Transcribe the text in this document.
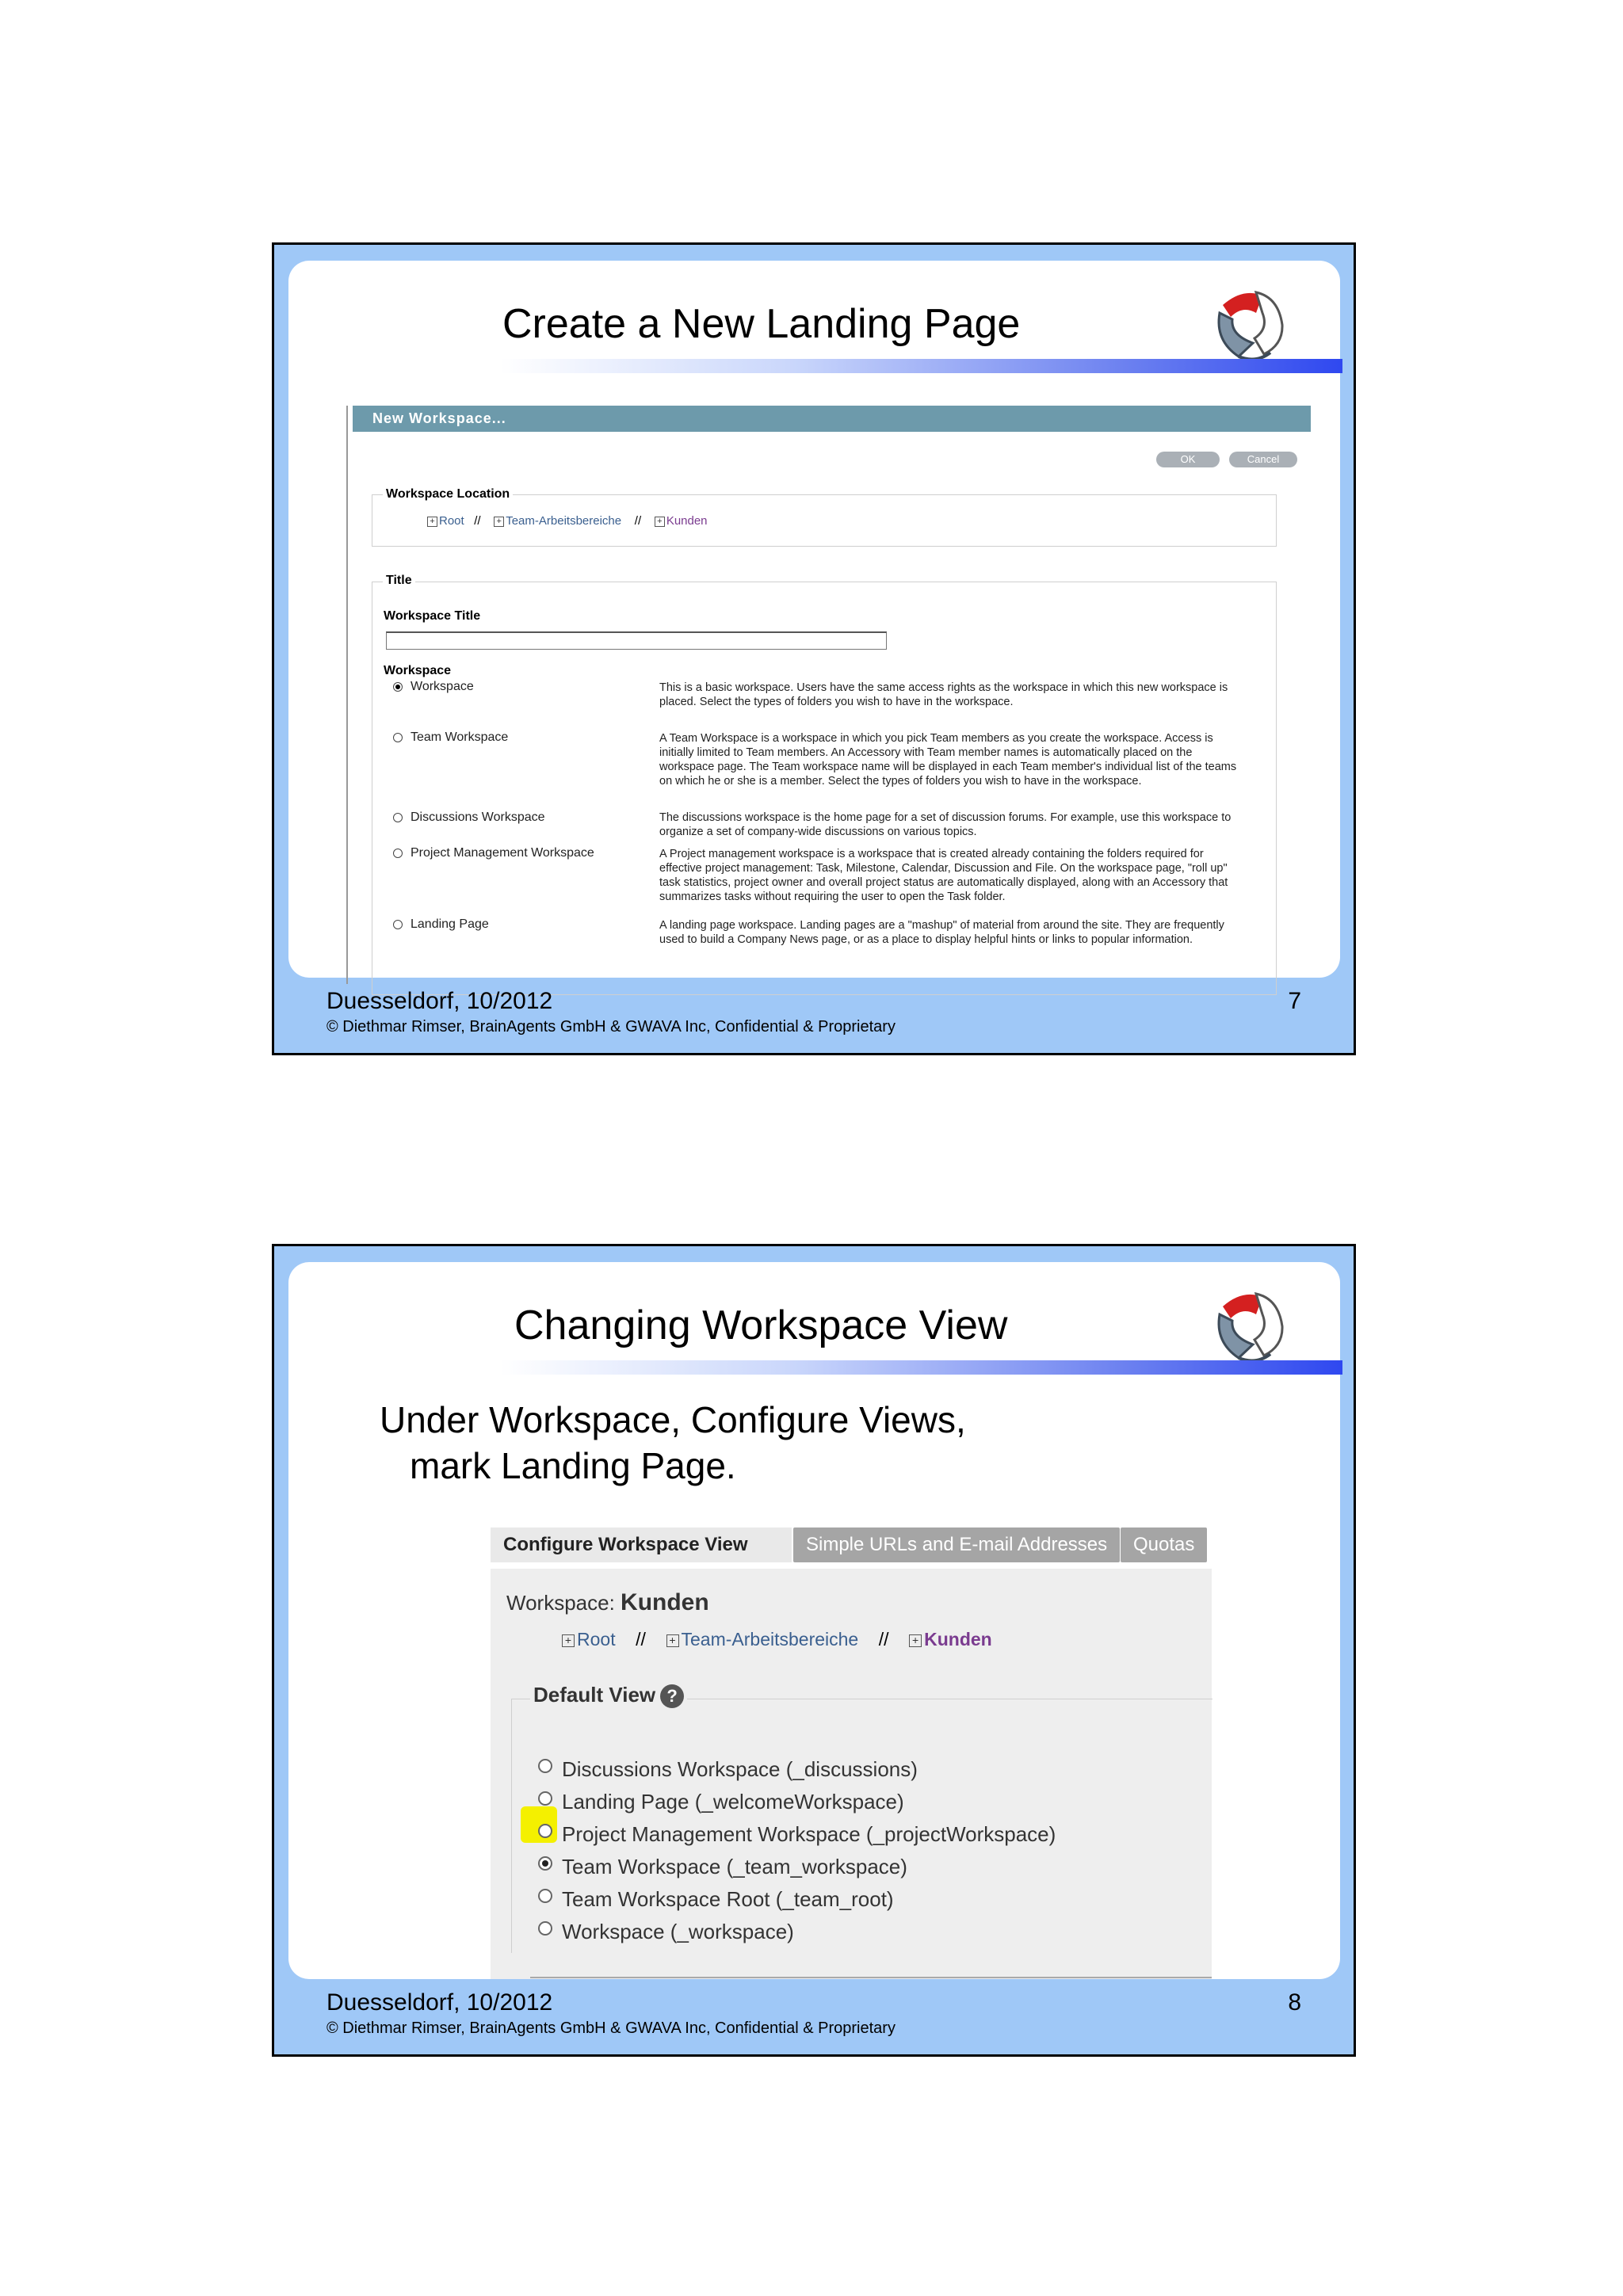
Create a New Landing Page
New Workspace...
OK	Cancel
Workspace Location
+ Root // + Team-Arbeitsbereiche // + Kunden
Title
Workspace Title
Workspace
Workspace	This is a basic workspace. Users have the same access rights as the workspace in which this new workspace is placed. Select the types of folders you wish to have in the workspace.
Team Workspace	A Team Workspace is a workspace in which you pick Team members as you create the workspace. Access is initially limited to Team members. An Accessory with Team member names is automatically placed on the workspace page. The Team workspace name will be displayed in each Team member's individual list of the teams on which he or she is a member. Select the types of folders you wish to have in the workspace.
Discussions Workspace	The discussions workspace is the home page for a set of discussion forums. For example, use this workspace to organize a set of company-wide discussions on various topics.
Project Management Workspace	A Project management workspace is a workspace that is created already containing the folders required for effective project management: Task, Milestone, Calendar, Discussion and File. On the workspace page, "roll up" task statistics, project owner and overall project status are automatically displayed, along with an Accessory that summarizes tasks without requiring the user to open the Task folder.
Landing Page	A landing page workspace. Landing pages are a "mashup" of material from around the site. They are frequently used to build a Company News page, or as a place to display helpful hints or links to popular information.
Duesseldorf, 10/2012	7
© Diethmar Rimser, BrainAgents GmbH & GWAVA Inc, Confidential & Proprietary
Changing Workspace View
Under Workspace, Configure Views,
mark Landing Page.
Configure Workspace View	Simple URLs and E-mail Addresses	Quotas
Workspace: Kunden
+ Root // + Team-Arbeitsbereiche // + Kunden
Default View ?
Discussions Workspace (_discussions)
Landing Page (_welcomeWorkspace)
Project Management Workspace (_projectWorkspace)
Team Workspace (_team_workspace)
Team Workspace Root (_team_root)
Workspace (_workspace)
Duesseldorf, 10/2012	8
© Diethmar Rimser, BrainAgents GmbH & GWAVA Inc, Confidential & Proprietary
